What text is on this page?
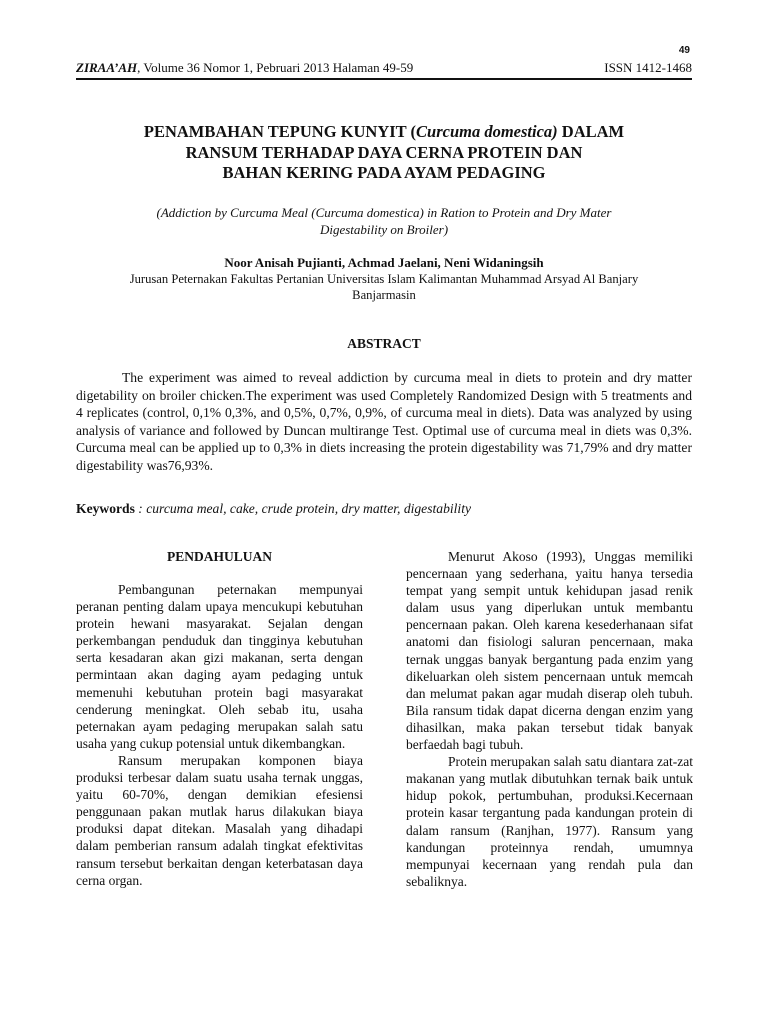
49
ZIRAA’AH, Volume 36 Nomor 1, Pebruari 2013 Halaman 49-59	ISSN 1412-1468
PENAMBAHAN TEPUNG KUNYIT (Curcuma domestica) DALAM
RANSUM TERHADAP DAYA CERNA PROTEIN DAN
BAHAN KERING PADA AYAM PEDAGING
(Addiction by Curcuma Meal (Curcuma domestica) in Ration to Protein and Dry Mater
Digestability on Broiler)
Noor Anisah Pujianti, Achmad Jaelani, Neni Widaningsih
Jurusan Peternakan Fakultas Pertanian Universitas Islam Kalimantan Muhammad Arsyad Al Banjary
Banjarmasin
ABSTRACT

The experiment was aimed to reveal addiction by curcuma meal in diets to protein and dry matter digetability on broiler chicken.The experiment was used Completely Randomized Design with 5 treatments and 4 replicates (control, 0,1% 0,3%, and 0,5%, 0,7%, 0,9%, of curcuma meal in diets). Data was analyzed by using analysis of variance and followed by Duncan multirange Test. Optimal use of curcuma meal in diets was 0,3%. Curcuma meal can be applied up to 0,3% in diets increasing the protein digestability was 71,79% and dry matter digestability was76,93%.

Keywords : curcuma meal, cake, crude protein, dry matter, digestability
PENDAHULUAN

Pembangunan peternakan mempunyai peranan penting dalam upaya mencukupi kebutuhan protein hewani masyarakat. Sejalan dengan perkembangan penduduk dan tingginya kebutuhan serta kesadaran akan gizi makanan, serta dengan permintaan akan daging ayam pedaging untuk memenuhi kebutuhan protein bagi masyarakat cenderung meningkat. Oleh sebab itu, usaha peternakan ayam pedaging merupakan salah satu usaha yang cukup potensial untuk dikembangkan.

Ransum merupakan komponen biaya produksi terbesar dalam suatu usaha ternak unggas, yaitu 60-70%, dengan demikian efesiensi penggunaan pakan mutlak harus dilakukan biaya produksi dapat ditekan. Masalah yang dihadapi dalam pemberian ransum adalah tingkat efektivitas ransum tersebut berkaitan dengan keterbatasan daya cerna organ.

Menurut Akoso (1993), Unggas memiliki pencernaan yang sederhana, yaitu hanya tersedia tempat yang sempit untuk kehidupan jasad renik dalam usus yang diperlukan untuk membantu pencernaan pakan. Oleh karena kesederhanaan sifat anatomi dan fisiologi saluran pencernaan, maka ternak unggas banyak bergantung pada enzim yang dikeluarkan oleh sistem pencernaan untuk memcah dan melumat pakan agar mudah diserap oleh tubuh. Bila ransum tidak dapat dicerna dengan enzim yang dihasilkan, maka pakan tersebut tidak banyak berfaedah bagi tubuh.

Protein merupakan salah satu diantara zat-zat makanan yang mutlak dibutuhkan ternak baik untuk hidup pokok, pertumbuhan, produksi.Kecernaan protein kasar tergantung pada kandungan protein di dalam ransum (Ranjhan, 1977). Ransum yang kandungan proteinnya rendah, umumnya mempunyai kecernaan yang rendah pula dan sebaliknya.
